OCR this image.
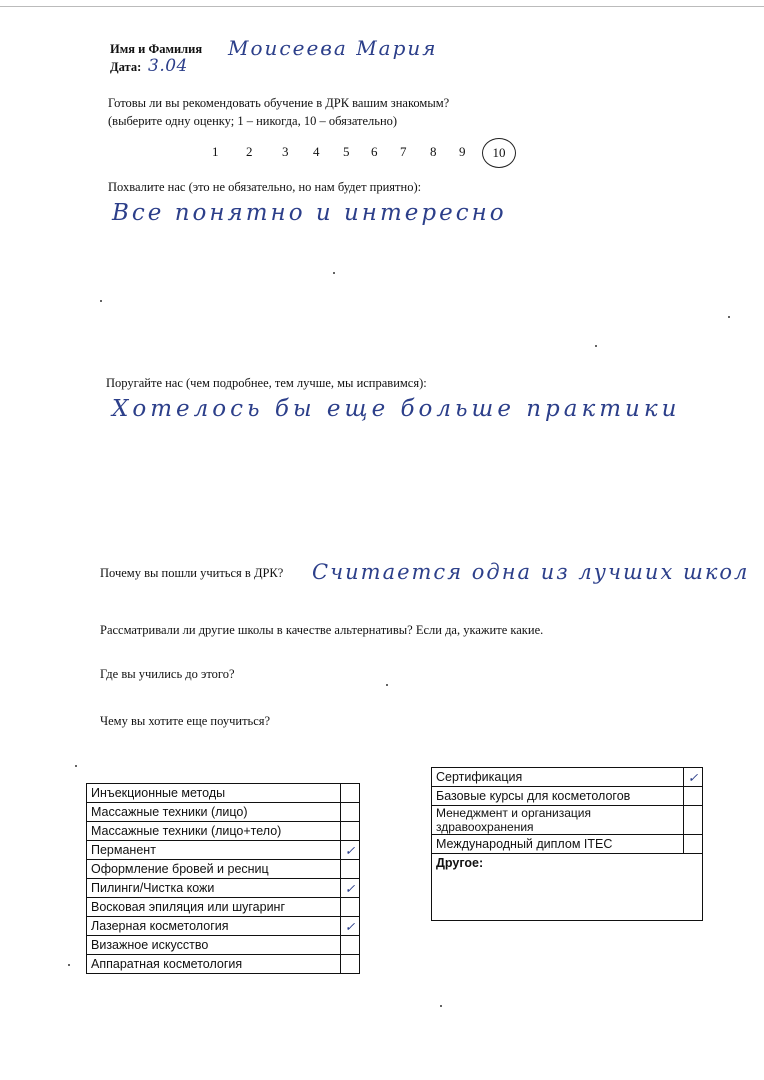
Имя и Фамилия Моисеева Мария
Дата: 3.04
Готовы ли вы рекомендовать обучение в ДРК вашим знакомым?
(выберите одну оценку; 1 – никогда, 10 – обязательно)
1 2 3 4 5 6 7 8 9	10
Похвалите нас (это не обязательно, но нам будет приятно):
Все понятно и интересно
Поругайте нас (чем подробнее, тем лучше, мы исправимся):
Хотелось бы еще больше практики
Почему вы пошли учиться в ДРК? Считается одна из лучших школ
Рассматривали ли другие школы в качестве альтернативы? Если да, укажите какие.
Где вы учились до этого?
Чему вы хотите еще поучиться?
Инъекционные методы	
Массажные техники (лицо)	
Массажные техники (лицо+тело)	
Перманент	✓
Оформление бровей и ресниц	
Пилинги/Чистка кожи	✓
Восковая эпиляция или шугаринг	
Лазерная косметология	✓
Визажное искусство	
Аппаратная косметология	
Сертификация	✓
Базовые курсы для косметологов	
Менеджмент и организация здравоохранения	
Международный диплом ITEC	
Другое:	
